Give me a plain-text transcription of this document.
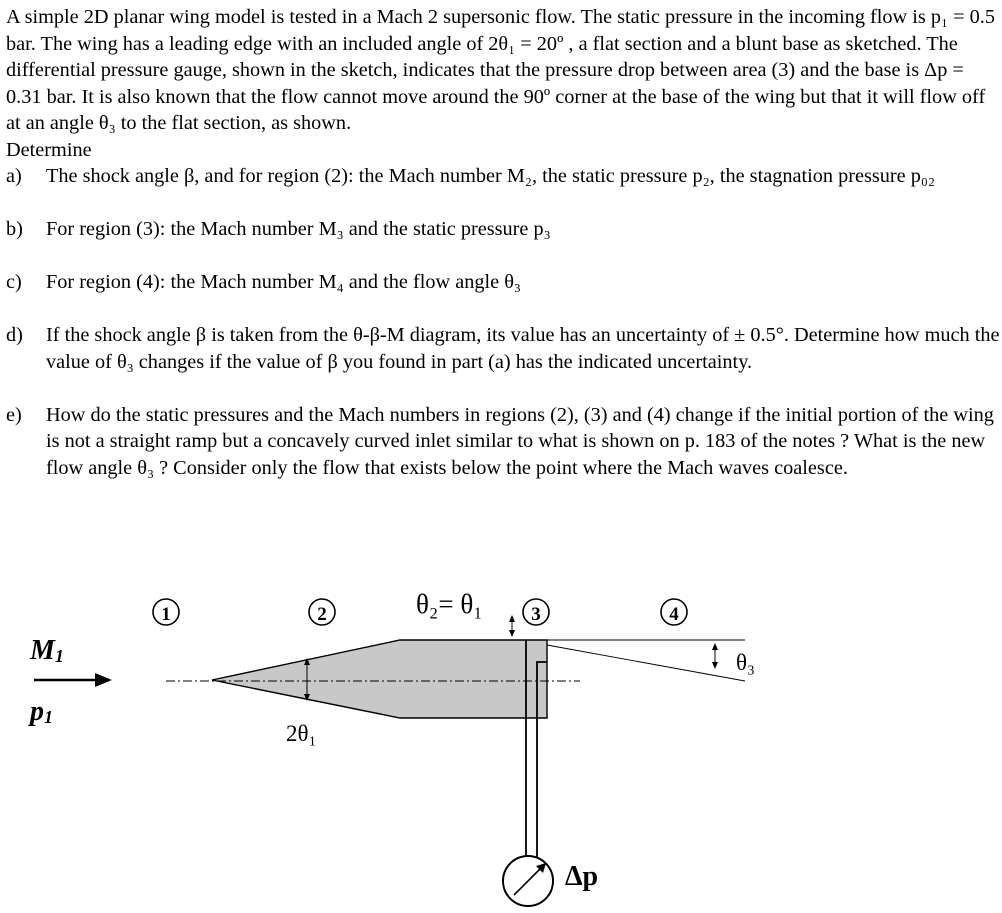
A simple 2D planar wing model is tested in a Mach 2 supersonic flow. The static pressure in the incoming flow is p₁ = 0.5 bar. The wing has a leading edge with an included angle of 2θ₁ = 20º , a flat section and a blunt base as sketched. The differential pressure gauge, shown in the sketch, indicates that the pressure drop between area (3) and the base is Δp = 0.31 bar. It is also known that the flow cannot move around the 90º corner at the base of the wing but that it will flow off at an angle θ₃ to the flat section, as shown.

Determine

a)	The shock angle β, and for region (2): the Mach number M₂, the static pressure p₂, the stagnation pressure p₀₂
b)	For region (3): the Mach number M₃ and the static pressure p₃
c)	For region (4): the Mach number M₄ and the flow angle θ₃
d)	If the shock angle β is taken from the θ-β-M diagram, its value has an uncertainty of ± 0.5°. Determine how much the value of θ₃ changes if the value of β you found in part (a) has the indicated uncertainty.
e)	How do the static pressures and the Mach numbers in regions (2), (3) and (4) change if the initial portion of the wing is not a straight ramp but a concavely curved inlet similar to what is shown on p. 183 of the notes ? What is the new flow angle θ₃ ? Consider only the flow that exists below the point where the Mach waves coalesce.
1	2	3	4
θ₂= θ₁
M1
p1
θ₃
2θ₁
Δp
